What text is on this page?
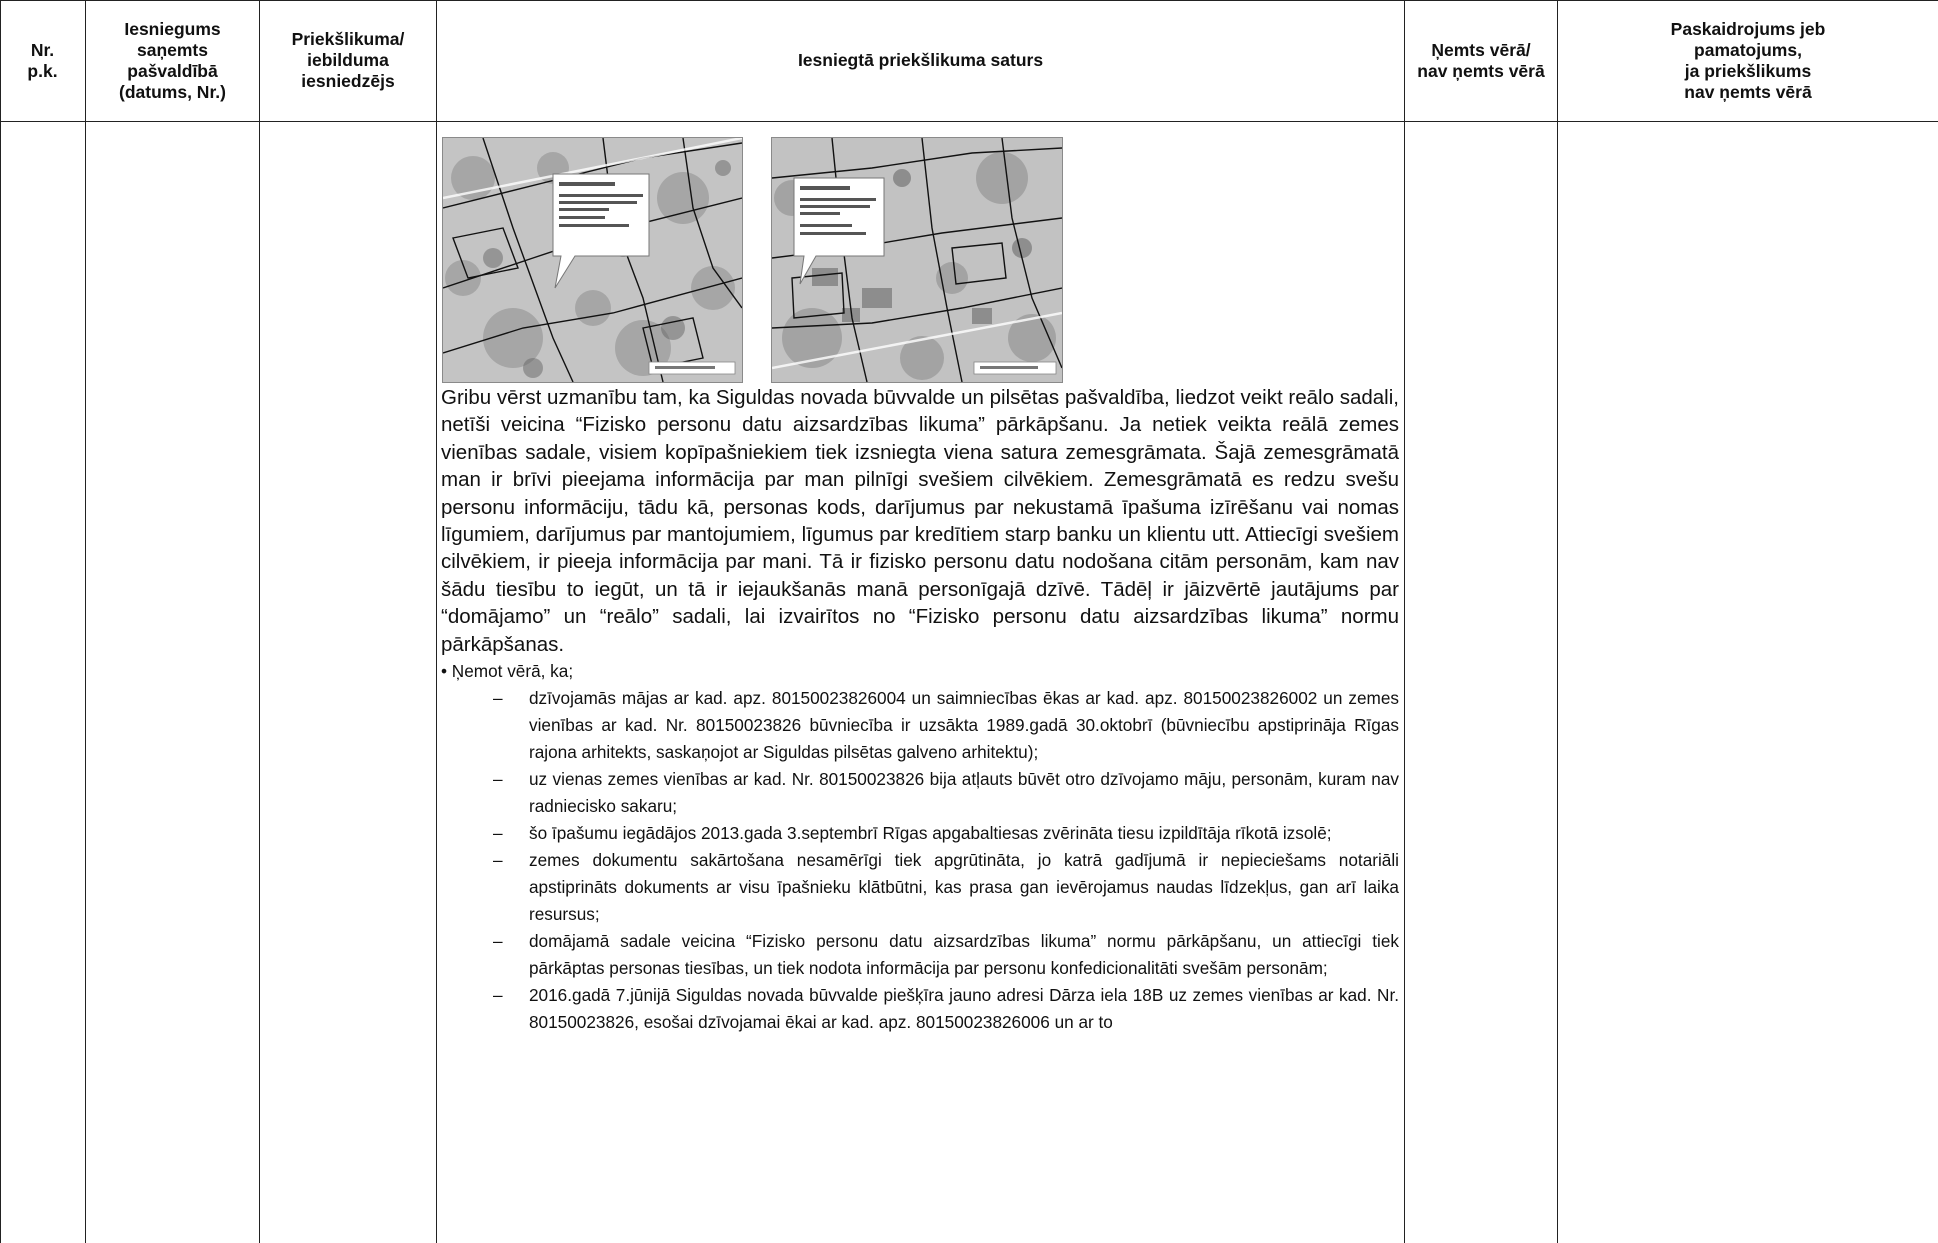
Nr.
p.k.
Iesniegums
saņemts
pašvaldībā
(datums, Nr.)
Priekšlikuma/
iebilduma
iesniedzējs
Iesniegtā priekšlikuma saturs
Ņemts vērā/
nav ņemts vērā
Paskaidrojums jeb
pamatojums,
ja priekšlikums
nav ņemts vērā

Gribu vērst uzmanību tam, ka Siguldas novada būvvalde un pilsētas pašvaldība, liedzot veikt reālo sadali, netīši veicina “Fizisko personu datu aizsardzības likuma” pārkāpšanu. Ja netiek veikta reālā zemes vienības sadale, visiem kopīpašniekiem tiek izsniegta viena satura zemesgrāmata. Šajā zemesgrāmatā man ir brīvi pieejama informācija par man pilnīgi svešiem cilvēkiem. Zemesgrāmatā es redzu svešu personu informāciju, tādu kā, personas kods, darījumus par nekustamā īpašuma izīrēšanu vai nomas līgumiem, darījumus par mantojumiem, līgumus par kredītiem starp banku un klientu utt. Attiecīgi svešiem cilvēkiem, ir pieeja informācija par mani. Tā ir fizisko personu datu nodošana citām personām, kam nav šādu tiesību to iegūt, un tā ir iejaukšanās manā personīgajā dzīvē. Tādēļ ir jāizvērtē jautājums par “domājamo” un “reālo” sadali, lai izvairītos no “Fizisko personu datu aizsardzības likuma” normu pārkāpšanas.

• Ņemot vērā, ka;

– dzīvojamās mājas ar kad. apz. 80150023826004 un saimniecības ēkas ar kad. apz. 80150023826002 un zemes vienības ar kad. Nr. 80150023826 būvniecība ir uzsākta 1989.gadā 30.oktobrī (būvniecību apstiprināja Rīgas rajona arhitekts, saskaņojot ar Siguldas pilsētas galveno arhitektu);
– uz vienas zemes vienības ar kad. Nr. 80150023826 bija atļauts būvēt otro dzīvojamo māju, personām, kuram nav radniecisko sakaru;
– šo īpašumu iegādājos 2013.gada 3.septembrī Rīgas apgabaltiesas zvērināta tiesu izpildītāja rīkotā izsolē;
– zemes dokumentu sakārtošana nesamērīgi tiek apgrūtināta, jo katrā gadījumā ir nepieciešams notariāli apstiprināts dokuments ar visu īpašnieku klātbūtni, kas prasa gan ievērojamus naudas līdzekļus, gan arī laika resursus;
– domājamā sadale veicina “Fizisko personu datu aizsardzības likuma” normu pārkāpšanu, un attiecīgi tiek pārkāptas personas tiesības, un tiek nodota informācija par personu konfedicionalitāti svešām personām;
– 2016.gadā 7.jūnijā Siguldas novada būvvalde piešķīra jauno adresi Dārza iela 18B uz zemes vienības ar kad. Nr. 80150023826, esošai dzīvojamai ēkai ar kad. apz. 80150023826006 un ar to
